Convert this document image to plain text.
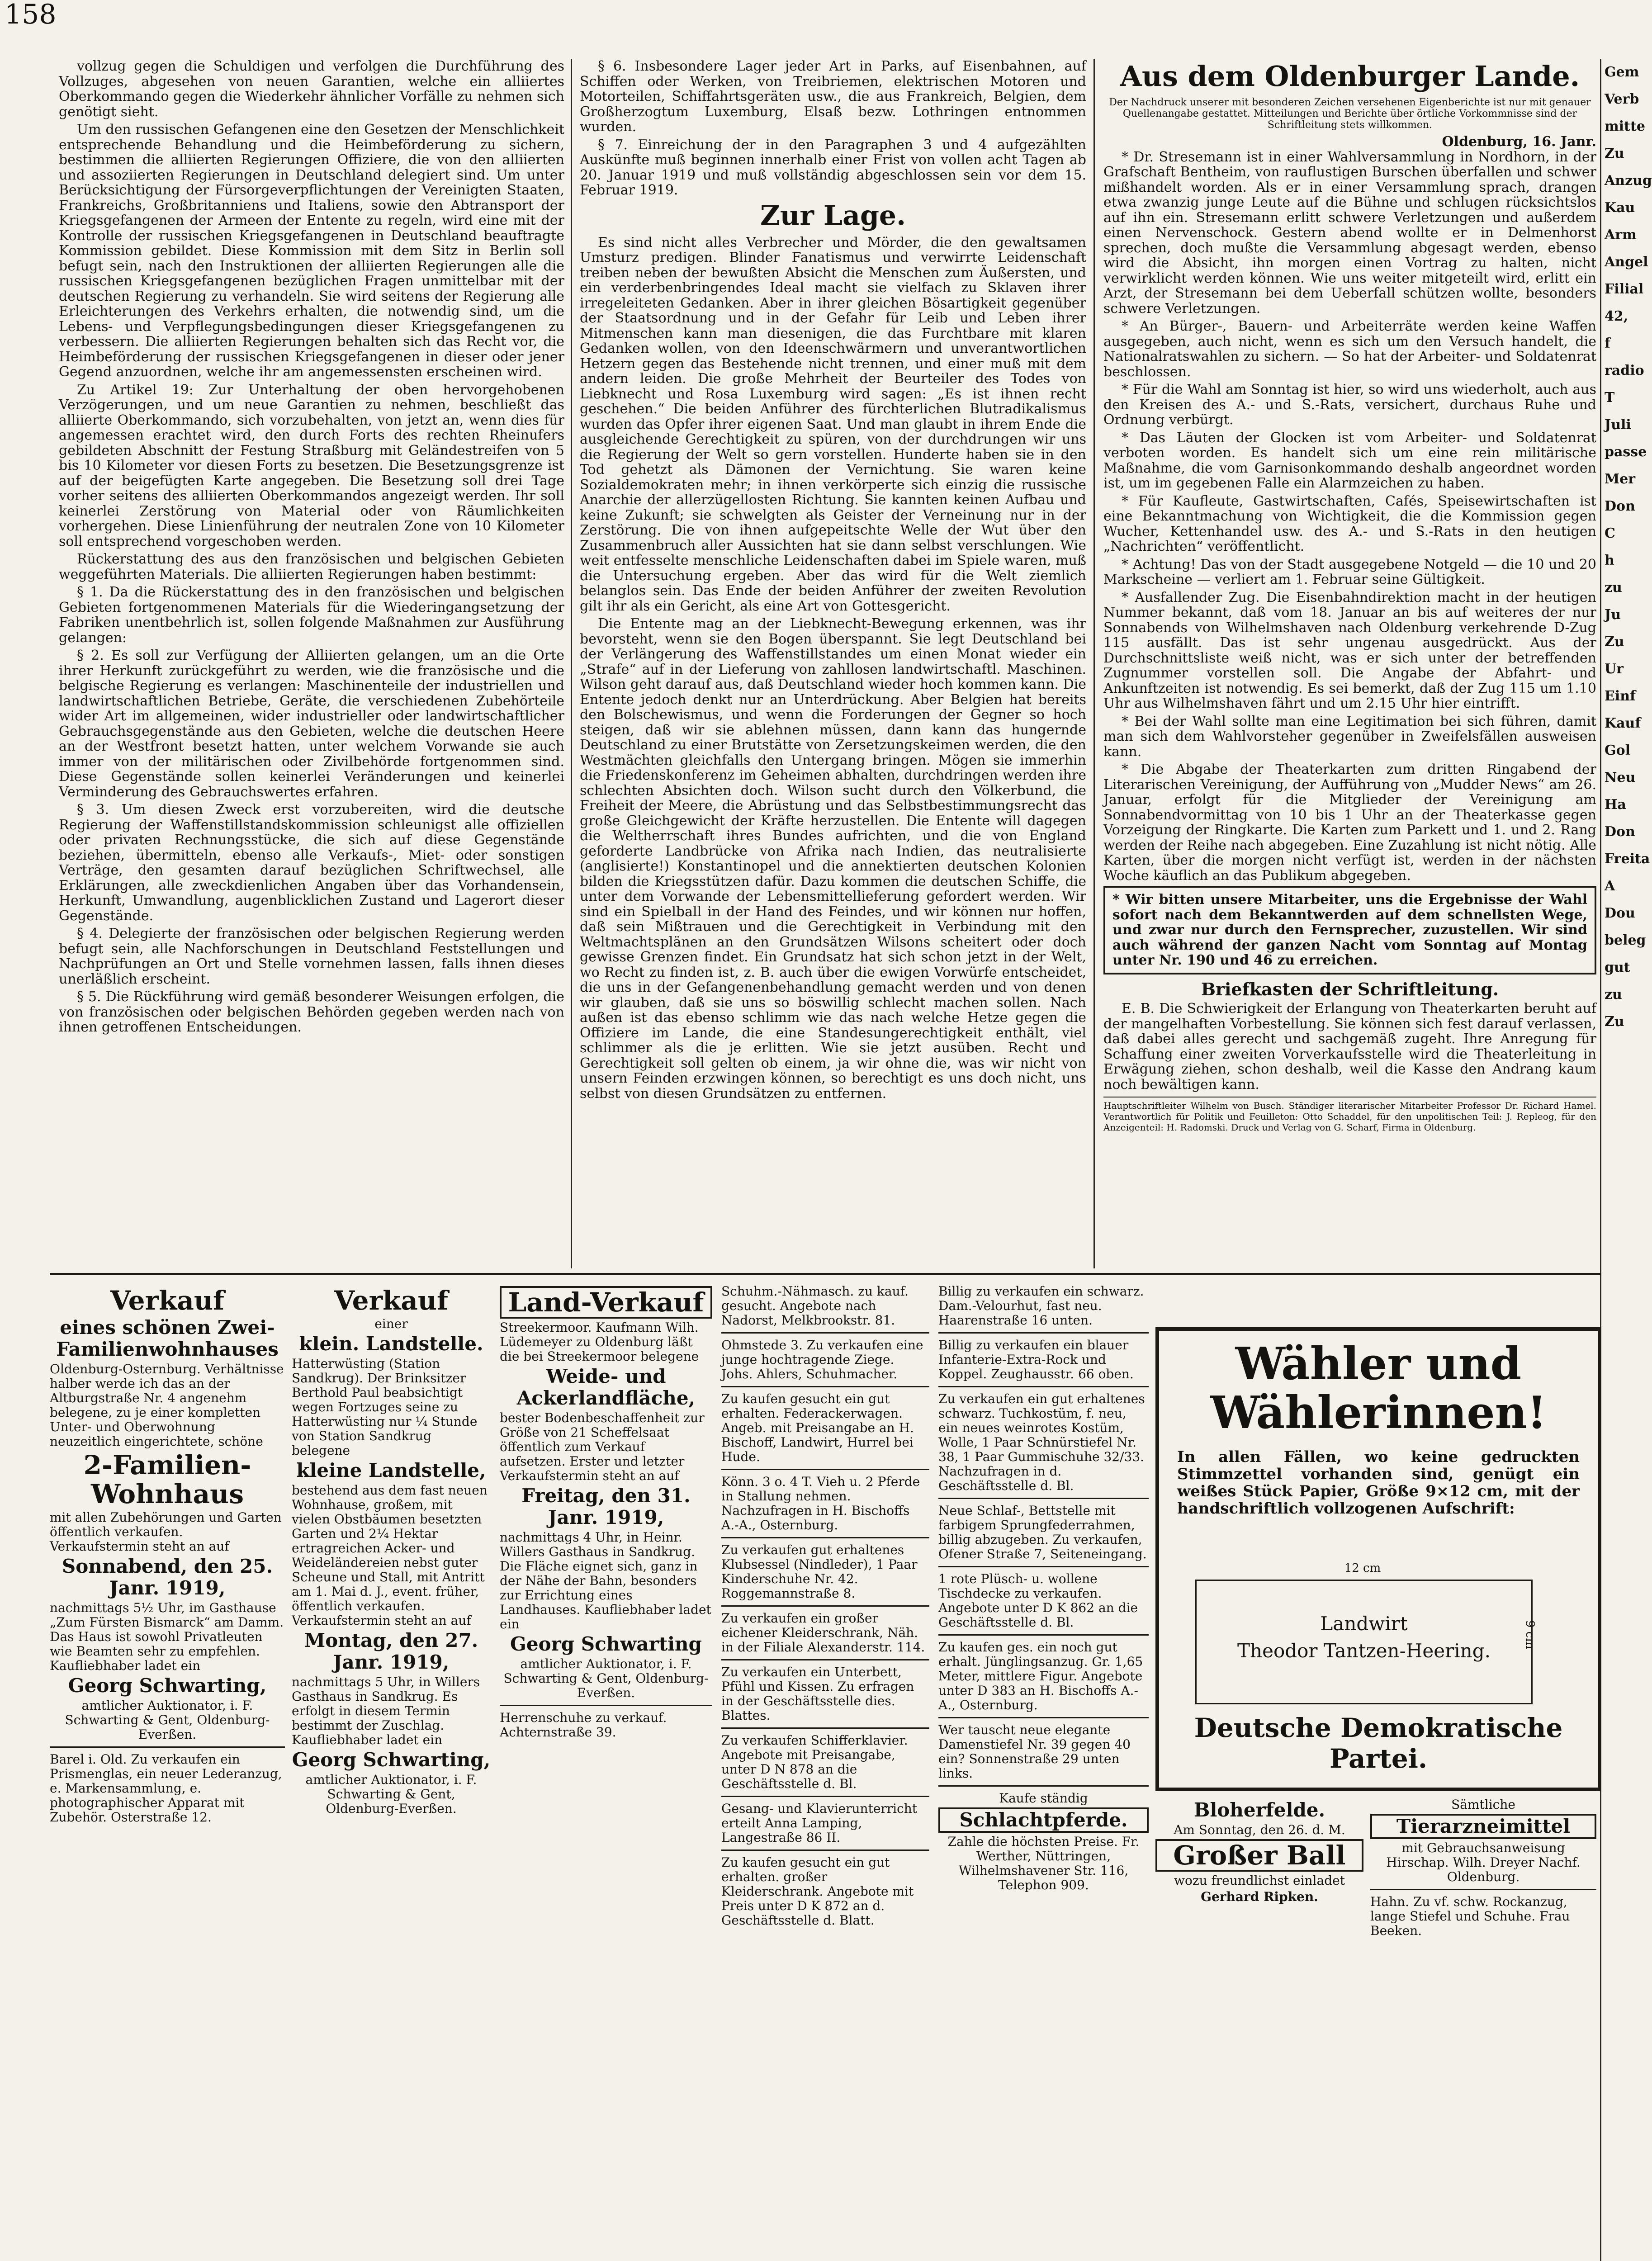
158

vollzug gegen die Schuldigen und verfolgen die Durchführung des Vollzuges, abgesehen von neuen Garantien, welche ein alliiertes Oberkommando gegen die Wiederkehr ähnlicher Vorfälle zu nehmen sich genötigt sieht.

Um den russischen Gefangenen eine den Gesetzen der Menschlichkeit entsprechende Behandlung und die Heimbeförderung zu sichern, bestimmen die alliierten Regierungen Offiziere, die von den alliierten und assoziierten Regierungen in Deutschland delegiert sind. Um unter Berücksichtigung der Fürsorgeverpflichtungen der Vereinigten Staaten, Frankreichs, Großbritanniens und Italiens, sowie den Abtransport der Kriegsgefangenen der Armeen der Entente zu regeln, wird eine mit der Kontrolle der russischen Kriegsgefangenen in Deutschland beauftragte Kommission gebildet. Diese Kommission mit dem Sitz in Berlin soll befugt sein, nach den Instruktionen der alliierten Regierungen alle die russischen Kriegsgefangenen bezüglichen Fragen unmittelbar mit der deutschen Regierung zu verhandeln. Sie wird seitens der Regierung alle Erleichterungen des Verkehrs erhalten, die notwendig sind, um die Lebens- und Verpflegungsbedingungen dieser Kriegsgefangenen zu verbessern. Die alliierten Regierungen behalten sich das Recht vor, die Heimbeförderung der russischen Kriegsgefangenen in dieser oder jener Gegend anzuordnen, welche ihr am angemessensten erscheinen wird.

Zu Artikel 19: Zur Unterhaltung der oben hervorgehobenen Verzögerungen, und um neue Garantien zu nehmen, beschließt das alliierte Oberkommando, sich vorzubehalten, von jetzt an, wenn dies für angemessen erachtet wird, den durch Forts des rechten Rheinufers gebildeten Abschnitt der Festung Straßburg mit Geländestreifen von 5 bis 10 Kilometer vor diesen Forts zu besetzen. Die Besetzungsgrenze ist auf der beigefügten Karte angegeben. Die Besetzung soll drei Tage vorher seitens des alliierten Oberkommandos angezeigt werden. Ihr soll keinerlei Zerstörung von Material oder von Räumlichkeiten vorhergehen. Diese Linienführung der neutralen Zone von 10 Kilometer soll entsprechend vorgeschoben werden.

Rückerstattung des aus den französischen und belgischen Gebieten weggeführten Materials. Die alliierten Regierungen haben bestimmt:

§ 1. Da die Rückerstattung des in den französischen und belgischen Gebieten fortgenommenen Materials für die Wiederingangsetzung der Fabriken unentbehrlich ist, sollen folgende Maßnahmen zur Ausführung gelangen:

§ 2. Es soll zur Verfügung der Alliierten gelangen, um an die Orte ihrer Herkunft zurückgeführt zu werden, wie die französische und die belgische Regierung es verlangen: Maschinenteile der industriellen und landwirtschaftlichen Betriebe, Geräte, die verschiedenen Zubehörteile wider Art im allgemeinen, wider industrieller oder landwirtschaftlicher Gebrauchsgegenstände aus den Gebieten, welche die deutschen Heere an der Westfront besetzt hatten, unter welchem Vorwande sie auch immer von der militärischen oder Zivilbehörde fortgenommen sind. Diese Gegenstände sollen keinerlei Veränderungen und keinerlei Verminderung des Gebrauchswertes erfahren.

§ 3. Um diesen Zweck erst vorzubereiten, wird die deutsche Regierung der Waffenstillstandskommission schleunigst alle offiziellen oder privaten Rechnungsstücke, die sich auf diese Gegenstände beziehen, übermitteln, ebenso alle Verkaufs-, Miet- oder sonstigen Verträge, den gesamten darauf bezüglichen Schriftwechsel, alle Erklärungen, alle zweckdienlichen Angaben über das Vorhandensein, Herkunft, Umwandlung, augenblicklichen Zustand und Lagerort dieser Gegenstände.

§ 4. Delegierte der französischen oder belgischen Regierung werden befugt sein, alle Nachforschungen in Deutschland Feststellungen und Nachprüfungen an Ort und Stelle vornehmen lassen, falls ihnen dieses unerläßlich erscheint.

§ 5. Die Rückführung wird gemäß besonderer Weisungen erfolgen, die von französischen oder belgischen Behörden gegeben werden nach von ihnen getroffenen Entscheidungen.

§ 6. Insbesondere Lager jeder Art in Parks, auf Eisenbahnen, auf Schiffen oder Werken, von Treibriemen, elektrischen Motoren und Motorteilen, Schiffahrtsgeräten usw., die aus Frankreich, Belgien, dem Großherzogtum Luxemburg, Elsaß bezw. Lothringen entnommen wurden.

§ 7. Einreichung der in den Paragraphen 3 und 4 aufgezählten Auskünfte muß beginnen innerhalb einer Frist von vollen acht Tagen ab 20. Januar 1919 und muß vollständig abgeschlossen sein vor dem 15. Februar 1919.

Zur Lage.

Es sind nicht alles Verbrecher und Mörder, die den gewaltsamen Umsturz predigen. Blinder Fanatismus und verwirrte Leidenschaft treiben neben der bewußten Absicht die Menschen zum Äußersten, und ein verderbenbringendes Ideal macht sie vielfach zu Sklaven ihrer irregeleiteten Gedanken. Aber in ihrer gleichen Bösartigkeit gegenüber der Staatsordnung und in der Gefahr für Leib und Leben ihrer Mitmenschen kann man diesenigen, die das Furchtbare mit klaren Gedanken wollen, von den Ideenschwärmern und unverantwortlichen Hetzern gegen das Bestehende nicht trennen, und einer muß mit dem andern leiden. Die große Mehrheit der Beurteiler des Todes von Liebknecht und Rosa Luxemburg wird sagen: „Es ist ihnen recht geschehen.“ Die beiden Anführer des fürchterlichen Blutradikalismus wurden das Opfer ihrer eigenen Saat. Und man glaubt in ihrem Ende die ausgleichende Gerechtigkeit zu spüren, von der durchdrungen wir uns die Regierung der Welt so gern vorstellen. Hunderte haben sie in den Tod gehetzt als Dämonen der Vernichtung. Sie waren keine Sozialdemokraten mehr; in ihnen verkörperte sich einzig die russische Anarchie der allerzügellosten Richtung. Sie kannten keinen Aufbau und keine Zukunft; sie schwelgten als Geister der Verneinung nur in der Zerstörung. Die von ihnen aufgepeitschte Welle der Wut über den Zusammenbruch aller Aussichten hat sie dann selbst verschlungen. Wie weit entfesselte menschliche Leidenschaften dabei im Spiele waren, muß die Untersuchung ergeben. Aber das wird für die Welt ziemlich belanglos sein. Das Ende der beiden Anführer der zweiten Revolution gilt ihr als ein Gericht, als eine Art von Gottesgericht.

Die Entente mag an der Liebknecht-Bewegung erkennen, was ihr bevorsteht, wenn sie den Bogen überspannt. Sie legt Deutschland bei der Verlängerung des Waffenstillstandes um einen Monat wieder ein „Strafe“ auf in der Lieferung von zahllosen landwirtschaftl. Maschinen. Wilson geht darauf aus, daß Deutschland wieder hoch kommen kann. Die Entente jedoch denkt nur an Unterdrückung. Aber Belgien hat bereits den Bolschewismus, und wenn die Forderungen der Gegner so hoch steigen, daß wir sie ablehnen müssen, dann kann das hungernde Deutschland zu einer Brutstätte von Zersetzungskeimen werden, die den Westmächten gleichfalls den Untergang bringen. Mögen sie immerhin die Friedenskonferenz im Geheimen abhalten, durchdringen werden ihre schlechten Absichten doch. Wilson sucht durch den Völkerbund, die Freiheit der Meere, die Abrüstung und das Selbstbestimmungsrecht das große Gleichgewicht der Kräfte herzustellen. Die Entente will dagegen die Weltherrschaft ihres Bundes aufrichten, und die von England geforderte Landbrücke von Afrika nach Indien, das neutralisierte (anglisierte!) Konstantinopel und die annektierten deutschen Kolonien bilden die Kriegsstützen dafür. Dazu kommen die deutschen Schiffe, die unter dem Vorwande der Lebensmittellieferung gefordert werden. Wir sind ein Spielball in der Hand des Feindes, und wir können nur hoffen, daß sein Mißtrauen und die Gerechtigkeit in Verbindung mit den Weltmachtsplänen an den Grundsätzen Wilsons scheitert oder doch gewisse Grenzen findet. Ein Grundsatz hat sich schon jetzt in der Welt, wo Recht zu finden ist, z. B. auch über die ewigen Vorwürfe entscheidet, die uns in der Gefangenenbehandlung gemacht werden und von denen wir glauben, daß sie uns so böswillig schlecht machen sollen. Nach außen ist das ebenso schlimm wie das nach welche Hetze gegen die Offiziere im Lande, die eine Standesungerechtigkeit enthält, viel schlimmer als die je erlitten. Wie sie jetzt ausüben. Recht und Gerechtigkeit soll gelten ob einem, ja wir ohne die, was wir nicht von unsern Feinden erzwingen können, so berechtigt es uns doch nicht, uns selbst von diesen Grundsätzen zu entfernen.

Aus dem Oldenburger Lande.
Der Nachdruck unserer mit besonderen Zeichen versehenen Eigenberichte ist nur mit genauer Quellenangabe gestattet. Mitteilungen und Berichte über örtliche Vorkommnisse sind der Schriftleitung stets willkommen.
Oldenburg, 16. Janr.

* Dr. Stresemann ist in einer Wahlversammlung in Nordhorn, in der Grafschaft Bentheim, von rauflustigen Burschen überfallen und schwer mißhandelt worden. Als er in einer Versammlung sprach, drangen etwa zwanzig junge Leute auf die Bühne und schlugen rücksichtslos auf ihn ein. Stresemann erlitt schwere Verletzungen und außerdem einen Nervenschock. Gestern abend wollte er in Delmenhorst sprechen, doch mußte die Versammlung abgesagt werden, ebenso wird die Absicht, ihn morgen einen Vortrag zu halten, nicht verwirklicht werden können. Wie uns weiter mitgeteilt wird, erlitt ein Arzt, der Stresemann bei dem Ueberfall schützen wollte, besonders schwere Verletzungen.

* An Bürger-, Bauern- und Arbeiterräte werden keine Waffen ausgegeben, auch nicht, wenn es sich um den Versuch handelt, die Nationalratswahlen zu sichern. — So hat der Arbeiter- und Soldatenrat beschlossen.

* Für die Wahl am Sonntag ist hier, so wird uns wiederholt, auch aus den Kreisen des A.- und S.-Rats, versichert, durchaus Ruhe und Ordnung verbürgt.

* Das Läuten der Glocken ist vom Arbeiter- und Soldatenrat verboten worden. Es handelt sich um eine rein militärische Maßnahme, die vom Garnisonkommando deshalb angeordnet worden ist, um im gegebenen Falle ein Alarmzeichen zu haben.

* Für Kaufleute, Gastwirtschaften, Cafés, Speisewirtschaften ist eine Bekanntmachung von Wichtigkeit, die die Kommission gegen Wucher, Kettenhandel usw. des A.- und S.-Rats in den heutigen „Nachrichten“ veröffentlicht.

* Achtung! Das von der Stadt ausgegebene Notgeld — die 10 und 20 Markscheine — verliert am 1. Februar seine Gültigkeit.

* Ausfallender Zug. Die Eisenbahndirektion macht in der heutigen Nummer bekannt, daß vom 18. Januar an bis auf weiteres der nur Sonnabends von Wilhelmshaven nach Oldenburg verkehrende D-Zug 115 ausfällt. Das ist sehr ungenau ausgedrückt. Aus der Durchschnittsliste weiß nicht, was er sich unter der betreffenden Zugnummer vorstellen soll. Die Angabe der Abfahrt- und Ankunftzeiten ist notwendig. Es sei bemerkt, daß der Zug 115 um 1.10 Uhr aus Wilhelmshaven fährt und um 2.15 Uhr hier eintrifft.

* Bei der Wahl sollte man eine Legitimation bei sich führen, damit man sich dem Wahlvorsteher gegenüber in Zweifelsfällen ausweisen kann.

* Die Abgabe der Theaterkarten zum dritten Ringabend der Literarischen Vereinigung, der Aufführung von „Mudder News“ am 26. Januar, erfolgt für die Mitglieder der Vereinigung am Sonnabendvormittag von 10 bis 1 Uhr an der Theaterkasse gegen Vorzeigung der Ringkarte. Die Karten zum Parkett und 1. und 2. Rang werden der Reihe nach abgegeben. Eine Zuzahlung ist nicht nötig. Alle Karten, über die morgen nicht verfügt ist, werden in der nächsten Woche käuflich an das Publikum abgegeben.

* Wir bitten unsere Mitarbeiter, uns die Ergebnisse der Wahl sofort nach dem Bekanntwerden auf dem schnellsten Wege, und zwar nur durch den Fernsprecher, zuzustellen. Wir sind auch während der ganzen Nacht vom Sonntag auf Montag unter Nr. 190 und 46 zu erreichen.
Briefkasten der Schriftleitung.

E. B. Die Schwierigkeit der Erlangung von Theaterkarten beruht auf der mangelhaften Vorbestellung. Sie können sich fest darauf verlassen, daß dabei alles gerecht und sachgemäß zugeht. Ihre Anregung für Schaffung einer zweiten Vorverkaufsstelle wird die Theaterleitung in Erwägung ziehen, schon deshalb, weil die Kasse den Andrang kaum noch bewältigen kann.

Hauptschriftleiter Wilhelm von Busch. Ständiger literarischer Mitarbeiter Professor Dr. Richard Hamel. Verantwortlich für Politik und Feuilleton: Otto Schaddel, für den unpolitischen Teil: J. Repleog, für den Anzeigenteil: H. Radomski. Druck und Verlag von G. Scharf, Firma in Oldenburg.
Verkauf
eines schönen Zwei-Familienwohnhauses

Oldenburg-Osternburg. Verhältnisse halber werde ich das an der Altburgstraße Nr. 4 angenehm belegene, zu je einer kompletten Unter- und Oberwohnung neuzeitlich eingerichtete, schöne

2-Familien-Wohnhaus

mit allen Zubehörungen und Garten öffentlich verkaufen. Verkaufstermin steht an auf

Sonnabend, den 25. Janr. 1919,

nachmittags 5½ Uhr, im Gasthause „Zum Fürsten Bismarck“ am Damm. Das Haus ist sowohl Privatleuten wie Beamten sehr zu empfehlen. Kaufliebhaber ladet ein

Georg Schwarting,

amtlicher Auktionator, i. F. Schwarting & Gent, Oldenburg-Everßen.

Barel i. Old. Zu verkaufen ein Prismenglas, ein neuer Lederanzug, e. Markensammlung, e. photographischer Apparat mit Zubehör. Osterstraße 12.

Verkauf
einer
klein. Landstelle.

Hatterwüsting (Station Sandkrug). Der Brinksitzer Berthold Paul beabsichtigt wegen Fortzuges seine zu Hatterwüsting nur ¼ Stunde von Station Sandkrug belegene

kleine Landstelle,

bestehend aus dem fast neuen Wohnhause, großem, mit vielen Obstbäumen besetzten Garten und 2¼ Hektar ertragreichen Acker- und Weideländereien nebst guter Scheune und Stall, mit Antritt am 1. Mai d. J., event. früher, öffentlich verkaufen. Verkaufstermin steht an auf

Montag, den 27. Janr. 1919,

nachmittags 5 Uhr, in Willers Gasthaus in Sandkrug. Es erfolgt in diesem Termin bestimmt der Zuschlag. Kaufliebhaber ladet ein

Georg Schwarting,

amtlicher Auktionator, i. F. Schwarting & Gent, Oldenburg-Everßen.

Land-Verkauf

Streekermoor. Kaufmann Wilh. Lüdemeyer zu Oldenburg läßt die bei Streekermoor belegene

Weide- und Ackerlandfläche,

bester Bodenbeschaffenheit zur Größe von 21 Scheffelsaat öffentlich zum Verkauf aufsetzen. Erster und letzter Verkaufstermin steht an auf

Freitag, den 31. Janr. 1919,

nachmittags 4 Uhr, in Heinr. Willers Gasthaus in Sandkrug. Die Fläche eignet sich, ganz in der Nähe der Bahn, besonders zur Errichtung eines Landhauses. Kaufliebhaber ladet ein

Georg Schwarting

amtlicher Auktionator, i. F. Schwarting & Gent, Oldenburg-Everßen.

Herrenschuhe zu verkauf. Achternstraße 39.

Schuhm.-Nähmasch. zu kauf. gesucht. Angebote nach Nadorst, Melkbrookstr. 81.

Ohmstede 3. Zu verkaufen eine junge hochtragende Ziege. Johs. Ahlers, Schuhmacher.

Zu kaufen gesucht ein gut erhalten. Federackerwagen. Angeb. mit Preisangabe an H. Bischoff, Landwirt, Hurrel bei Hude.

Könn. 3 o. 4 T. Vieh u. 2 Pferde in Stallung nehmen. Nachzufragen in H. Bischoffs A.-A., Osternburg.

Zu verkaufen gut erhaltenes Klubsessel (Nindleder), 1 Paar Kinderschuhe Nr. 42. Roggemannstraße 8.

Zu verkaufen ein großer eichener Kleiderschrank, Näh. in der Filiale Alexanderstr. 114.

Zu verkaufen ein Unterbett, Pfühl und Kissen. Zu erfragen in der Geschäftsstelle dies. Blattes.

Zu verkaufen Schifferklavier. Angebote mit Preisangabe, unter D N 878 an die Geschäftsstelle d. Bl.

Gesang- und Klavierunterricht erteilt Anna Lamping, Langestraße 86 II.

Zu kaufen gesucht ein gut erhalten. großer Kleiderschrank. Angebote mit Preis unter D K 872 an d. Geschäftsstelle d. Blatt.

Billig zu verkaufen ein schwarz. Dam.-Velourhut, fast neu. Haarenstraße 16 unten.

Billig zu verkaufen ein blauer Infanterie-Extra-Rock und Koppel. Zeughausstr. 66 oben.

Zu verkaufen ein gut erhaltenes schwarz. Tuchkostüm, f. neu, ein neues weinrotes Kostüm, Wolle, 1 Paar Schnürstiefel Nr. 38, 1 Paar Gummischuhe 32/33. Nachzufragen in d. Geschäftsstelle d. Bl.

Neue Schlaf-, Bettstelle mit farbigem Sprungfederrahmen, billig abzugeben. Zu verkaufen, Ofener Straße 7, Seiteneingang.

1 rote Plüsch- u. wollene Tischdecke zu verkaufen. Angebote unter D K 862 an die Geschäftsstelle d. Bl.

Zu kaufen ges. ein noch gut erhalt. Jünglingsanzug. Gr. 1,65 Meter, mittlere Figur. Angebote unter D 383 an H. Bischoffs A.-A., Osternburg.

Wer tauscht neue elegante Damenstiefel Nr. 39 gegen 40 ein? Sonnenstraße 29 unten links.

Kaufe ständig
Schlachtpferde.

Zahle die höchsten Preise. Fr. Werther, Nüttringen, Wilhelmshavener Str. 116, Telephon 909.

Wähler und Wählerinnen!
In allen Fällen, wo keine gedruckten Stimmzettel vorhanden sind, genügt ein weißes Stück Papier, Größe 9×12 cm, mit der handschriftlich vollzogenen Aufschrift:
12 cm
Landwirt
Theodor Tantzen-Heering.
9 cm
Deutsche Demokratische Partei.
Bloherfelde.

Am Sonntag, den 26. d. M.

Großer Ball

wozu freundlichst einladet

Gerhard Ripken.

Sämtliche
Tierarzneimittel

mit Gebrauchsanweisung Hirschap. Wilh. Dreyer Nachf. Oldenburg.

Hahn. Zu vf. schw. Rockanzug, lange Stiefel und Schuhe. Frau Beeken.

Gem
Verb
mitte
Zu
Anzug
Kau
Arm
Angel
Filial
42, f
radio
T
Juli
passe
Mer
Don
C
h
zu
Ju
Zu
Ur
Einf
Kauf
Gol
Neu
Ha
Don
Freita
A
Dou
beleg
gut
zu
Zu
